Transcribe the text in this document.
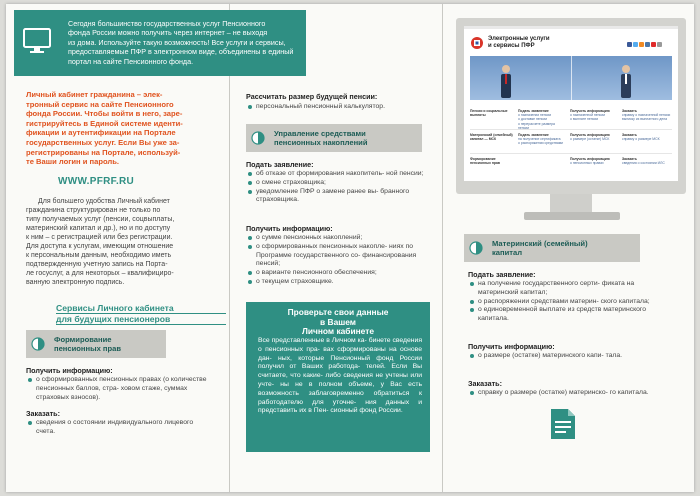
Личный кабинет гражданина – элек-
тронный сервис на сайте Пенсионного
фонда России. Чтобы войти в него, заре-
гистрируйтесь в Единой системе иденти-
фикации и аутентификации на Портале
государственных услуг. Если Вы уже за-
регистрированы на Портале, используй-
те Ваши логин и пароль.
WWW.PFRF.RU
Для большего удобства Личный кабинет
гражданина структурирован не только по
типу получаемых услуг (пенсии, соцвыплаты,
материнский капитал и др.), но и по доступу
к ним – с регистрацией или без регистрации.
Для доступа к услугам, имеющим отношение
к персональным данным, необходимо иметь
подтвержденную учетную запись на Порта-
ле госуслуг, а для некоторых – квалифициро-
ванную электронную подпись.
Сервисы Личного кабинета
для будущих пенсионеров
Формирование
пенсионных прав
Получить информацию:
о сформированных пенсионных правах (о количестве пенсионных баллов, стра- ховом стаже, суммах страховых взносов).
Заказать:
сведения о состоянии индивидуального лицевого счета.
Сегодня большинство государственных услуг Пенсионного
фонда России можно получить через интернет – не выходя
из дома. Используйте такую возможность! Все услуги и сервисы,
предоставляемые ПФР в электронном виде, объединены в единый
портал на сайте Пенсионного фонда.
Рассчитать размер будущей пенсии:
персональный пенсионный калькулятор.
Управление средствами
пенсионных накоплений
Подать заявление:
об отказе от формирования накопитель- ной пенсии;
о смене страховщика;
уведомление ПФР о замене ранее вы- бранного страховщика.
Получить информацию:
о сумме пенсионных накоплений;
о сформированных пенсионных накопле- ниях по Программе государственного со- финансирования пенсий;
о варианте пенсионного обеспечения;
о текущем страховщике.
Проверьте свои данные
в Вашем
Личном кабинете
Все представленные в Личном ка- бинете сведения о пенсионных пра- вах сформированы на основе дан- ных, которые Пенсионный фонд России получил от Ваших работода- телей. Если Вы считаете, что какие- либо сведения не учтены или учте- ны не в полном объеме, у Вас есть возможность заблаговременно обратиться к работодателю для уточне- ния данных и представить их в Пен- сионный фонд России.
Электронные услуги
и сервисы ПФР
Пенсии и социальные выплаты
Подать заявление
о назначении пенсии
о доставке пенсии
о перерасчете размера пенсии
Получить информацию
о назначенной пенсии
о выплате пенсии
Заказать
справку о назначенной пенсии
выписку из выплатного дела
Материнский (семейный) капитал — МСК
Подать заявление
на получение сертификата
о распоряжении средствами
Получить информацию
о размере (остатке) МСК
Заказать
справку о размере МСК
Формирование пенсионных прав
Получить информацию
о пенсионных правах
Заказать
сведения о состоянии ИЛС
Материнский (семейный)
капитал
Подать заявление:
на получение государственного серти- фиката на материнский капитал;
о распоряжении средствами материн- ского капитала;
о единовременной выплате из средств материнского капитала.
Получить информацию:
о размере (остатке) материнского капи- тала.
Заказать:
справку о размере (остатке) материнско- го капитала.
